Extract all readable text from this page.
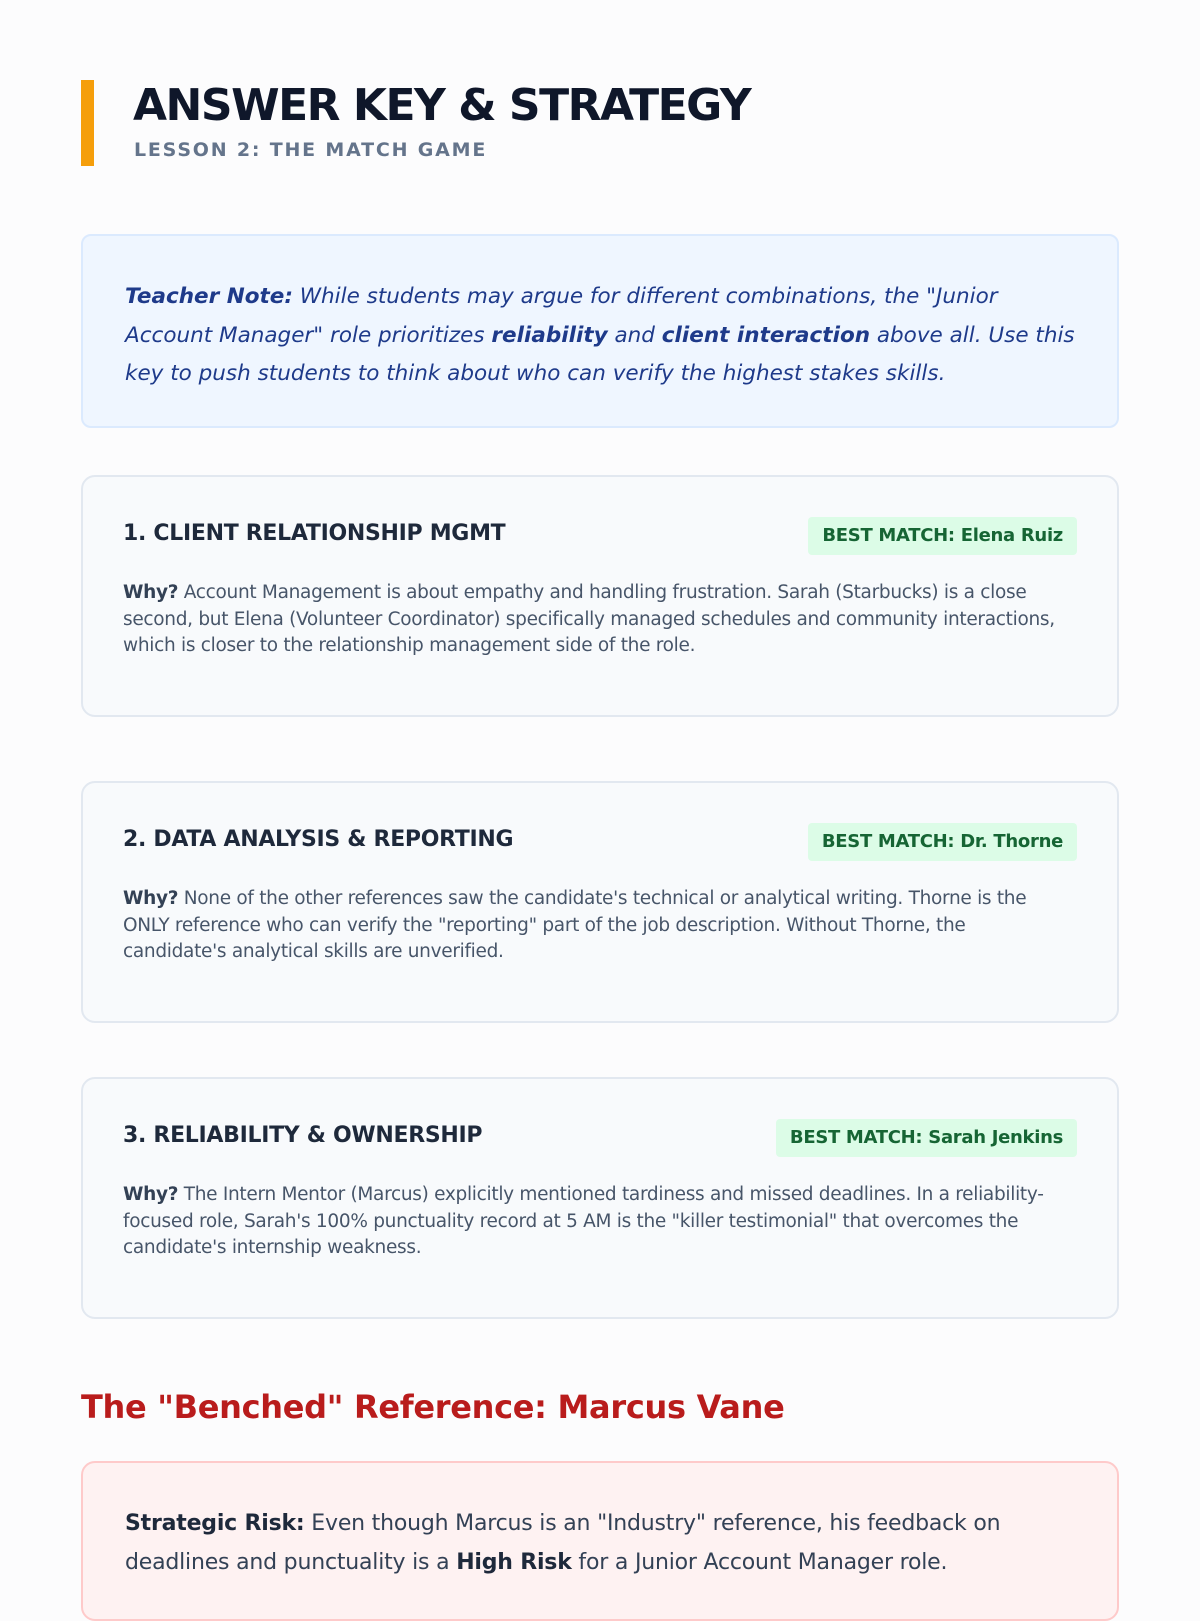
ANSWER KEY & STRATEGY
LESSON 2: THE MATCH GAME

Teacher Note: While students may argue for different combinations, the "Junior Account Manager" role prioritizes reliability and client interaction above all. Use this key to push students to think about who can verify the highest stakes skills.

1. CLIENT RELATIONSHIP MGMT	BEST MATCH: Elena Ruiz

Why? Account Management is about empathy and handling frustration. Sarah (Starbucks) is a close second, but Elena (Volunteer Coordinator) specifically managed schedules and community interactions, which is closer to the relationship management side of the role.

2. DATA ANALYSIS & REPORTING	BEST MATCH: Dr. Thorne

Why? None of the other references saw the candidate's technical or analytical writing. Thorne is the ONLY reference who can verify the "reporting" part of the job description. Without Thorne, the candidate's analytical skills are unverified.

3. RELIABILITY & OWNERSHIP	BEST MATCH: Sarah Jenkins

Why? The Intern Mentor (Marcus) explicitly mentioned tardiness and missed deadlines. In a reliability-focused role, Sarah's 100% punctuality record at 5 AM is the "killer testimonial" that overcomes the candidate's internship weakness.

The "Benched" Reference: Marcus Vane

Strategic Risk: Even though Marcus is an "Industry" reference, his feedback on deadlines and punctuality is a High Risk for a Junior Account Manager role.
